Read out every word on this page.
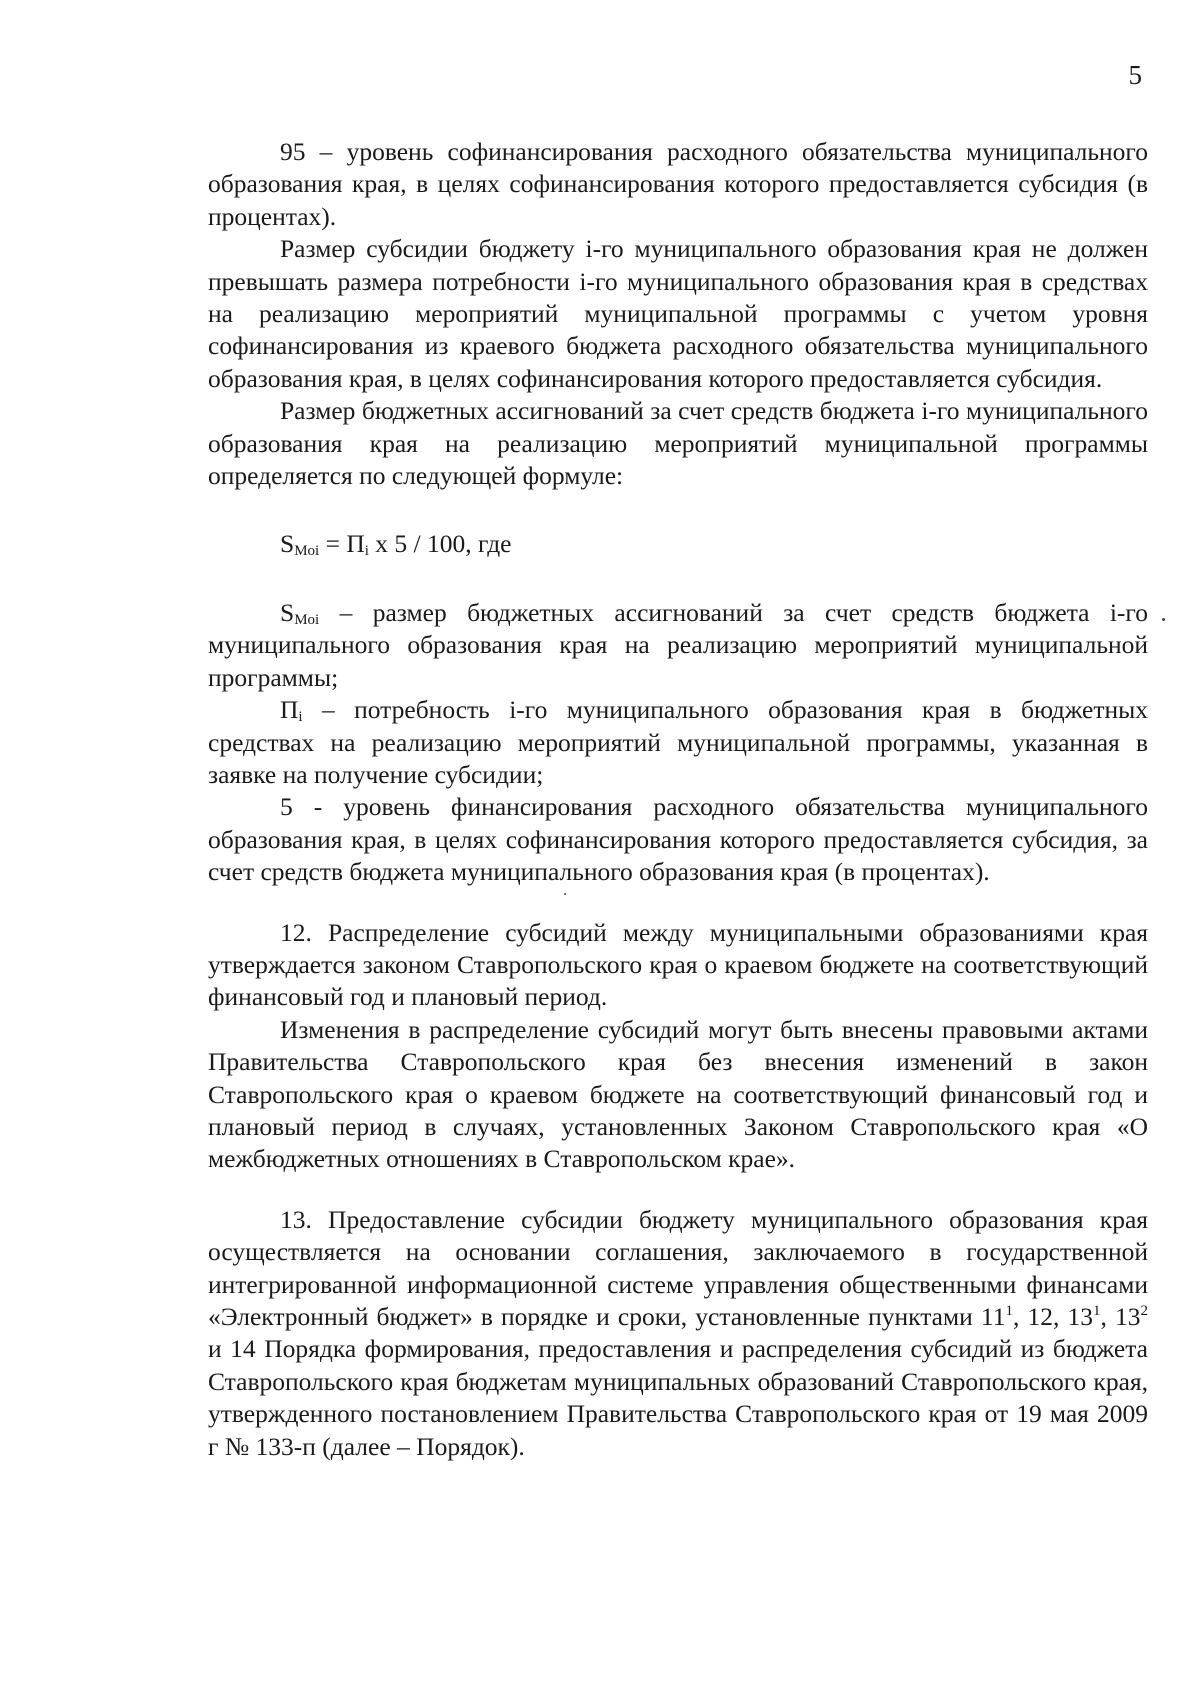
5

95 – уровень софинансирования расходного обязательства муниципального образования края, в целях софинансирования которого предоставляется субсидия (в процентах).

Размер субсидии бюджету i-го муниципального образования края не должен превышать размера потребности i-го муниципального образования края в средствах на реализацию мероприятий муниципальной программы с учетом уровня софинансирования из краевого бюджета расходного обязательства муниципального образования края, в целях софинансирования которого предоставляется субсидия.

Размер бюджетных ассигнований за счет средств бюджета i-го муниципального образования края на реализацию мероприятий муниципальной программы определяется по следующей формуле:

$S_{Moi} = П_i$ х 5 / 100, где

$S_{Moi}$ – размер бюджетных ассигнований за счет средств бюджета i-го муниципального образования края на реализацию мероприятий муниципальной программы;

$П_i$ – потребность i-го муниципального образования края в бюджетных средствах на реализацию мероприятий муниципальной программы, указанная в заявке на получение субсидии;

5 - уровень финансирования расходного обязательства муниципального образования края, в целях софинансирования которого предоставляется субсидия, за счет средств бюджета муниципального образования края (в процентах).

12. Распределение субсидий между муниципальными образованиями края утверждается законом Ставропольского края о краевом бюджете на соответствующий финансовый год и плановый период.

Изменения в распределение субсидий могут быть внесены правовыми актами Правительства Ставропольского края без внесения изменений в закон Ставропольского края о краевом бюджете на соответствующий финансовый год и плановый период в случаях, установленных Законом Ставропольского края «О межбюджетных отношениях в Ставропольском крае».

13. Предоставление субсидии бюджету муниципального образования края осуществляется на основании соглашения, заключаемого в государственной интегрированной информационной системе управления общественными финансами «Электронный бюджет» в порядке и сроки, установленные пунктами $11^1$, 12, $13^1$, $13^2$ и 14 Порядка формирования, предоставления и распределения субсидий из бюджета Ставропольского края бюджетам муниципальных образований Ставропольского края, утвержденного постановлением Правительства Ставропольского края от 19 мая 2009 г № 133-п (далее – Порядок).
